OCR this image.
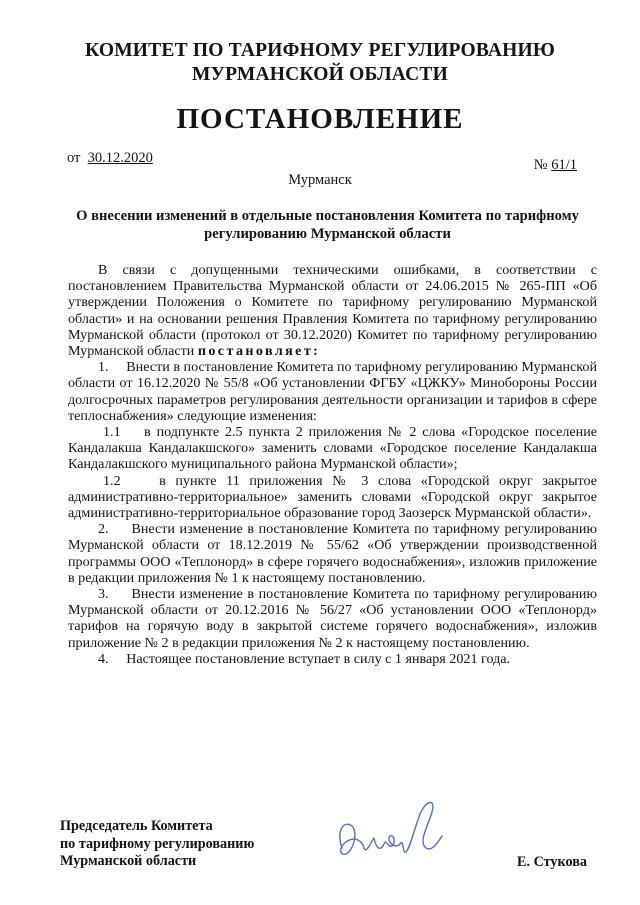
КОМИТЕТ ПО ТАРИФНОМУ РЕГУЛИРОВАНИЮ
МУРМАНСКОЙ ОБЛАСТИ
ПОСТАНОВЛЕНИЕ
от 30.12.2020	№ 61/1
Мурманск
О внесении изменений в отдельные постановления Комитета по тарифному регулированию Мурманской области

В связи с допущенными техническими ошибками, в соответствии с постановлением Правительства Мурманской области от 24.06.2015 № 265-ПП «Об утверждении Положения о Комитете по тарифному регулированию Мурманской области» и на основании решения Правления Комитета по тарифному регулированию Мурманской области (протокол от 30.12.2020) Комитет по тарифному регулированию Мурманской области постановляет:

1.     Внести в постановление Комитета по тарифному регулированию Мурманской области от 16.12.2020 № 55/8 «Об установлении ФГБУ «ЦЖКУ» Минобороны России долгосрочных параметров регулирования деятельности организации и тарифов в сфере теплоснабжения» следующие изменения:

1.1    в подпункте 2.5 пункта 2 приложения № 2 слова «Городское поселение Кандалакша Кандалакшского» заменить словами «Городское поселение Кандалакша Кандалакшского муниципального района Мурманской области»;

1.2    в пункте 11 приложения № 3 слова «Городской округ закрытое административно-территориальное» заменить словами «Городской округ закрытое административно-территориальное образование город Заозерск Мурманской области».

2.     Внести изменение в постановление Комитета по тарифному регулированию Мурманской области от 18.12.2019 № 55/62 «Об утверждении производственной программы ООО «Теплонорд» в сфере горячего водоснабжения», изложив приложение в редакции приложения № 1 к настоящему постановлению.

3.     Внести изменение в постановление Комитета по тарифному регулированию Мурманской области от 20.12.2016 № 56/27 «Об установлении ООО «Теплонорд» тарифов на горячую воду в закрытой системе горячего водоснабжения», изложив приложение № 2 в редакции приложения № 2 к настоящему постановлению.

4.     Настоящее постановление вступает в силу с 1 января 2021 года.

Председатель Комитета
по тарифному регулированию
Мурманской области	Е. Стукова
